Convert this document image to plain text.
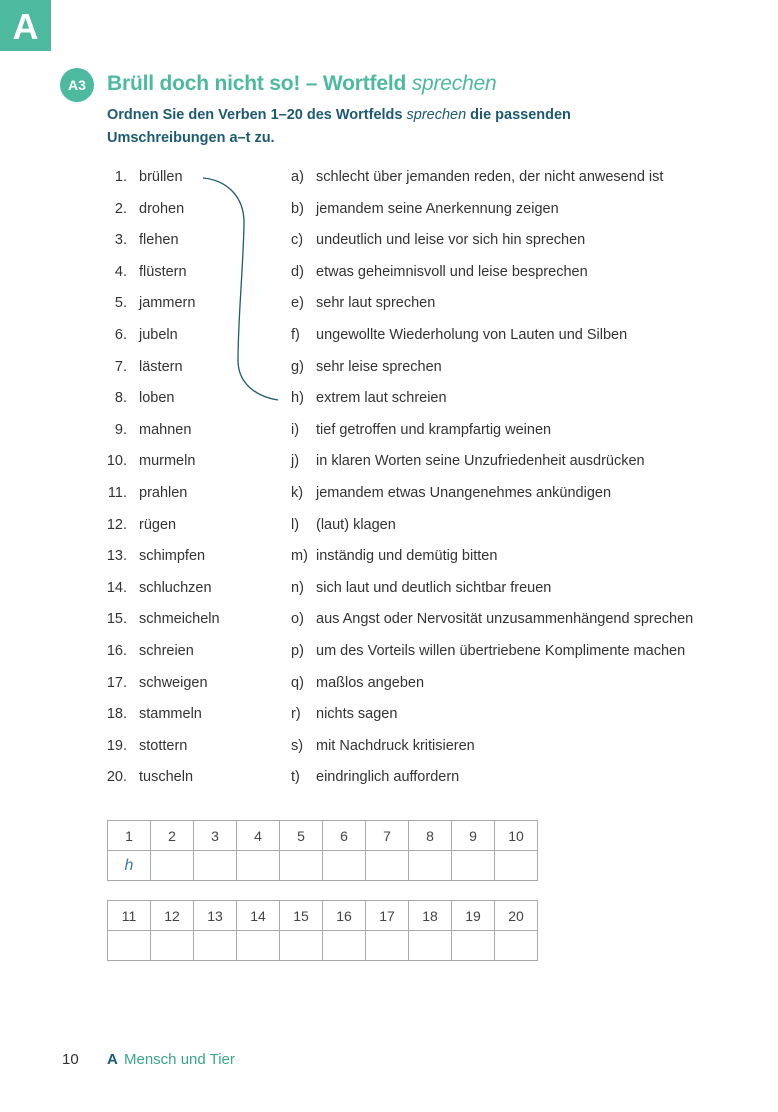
A
A3	Brüll doch nicht so! – Wortfeld sprechen
Ordnen Sie den Verben 1–20 des Wortfelds sprechen die passenden Umschreibungen a–t zu.
1. brüllen	a) schlecht über jemanden reden, der nicht anwesend ist
2. drohen	b) jemandem seine Anerkennung zeigen
3. flehen	c) undeutlich und leise vor sich hin sprechen
4. flüstern	d) etwas geheimnisvoll und leise besprechen
5. jammern	e) sehr laut sprechen
6. jubeln	f) ungewollte Wiederholung von Lauten und Silben
7. lästern	g) sehr leise sprechen
8. loben	h) extrem laut schreien
9. mahnen	i) tief getroffen und krampfartig weinen
10. murmeln	j) in klaren Worten seine Unzufriedenheit ausdrücken
11. prahlen	k) jemandem etwas Unangenehmes ankündigen
12. rügen	l) (laut) klagen
13. schimpfen	m) inständig und demütig bitten
14. schluchzen	n) sich laut und deutlich sichtbar freuen
15. schmeicheln	o) aus Angst oder Nervosität unzusammenhängend sprechen
16. schreien	p) um des Vorteils willen übertriebene Komplimente machen
17. schweigen	q) maßlos angeben
18. stammeln	r) nichts sagen
19. stottern	s) mit Nachdruck kritisieren
20. tuscheln	t) eindringlich auffordern
1	2	3	4	5	6	7	8	9	10
h									
11	12	13	14	15	16	17	18	19	20

10 A Mensch und Tier
